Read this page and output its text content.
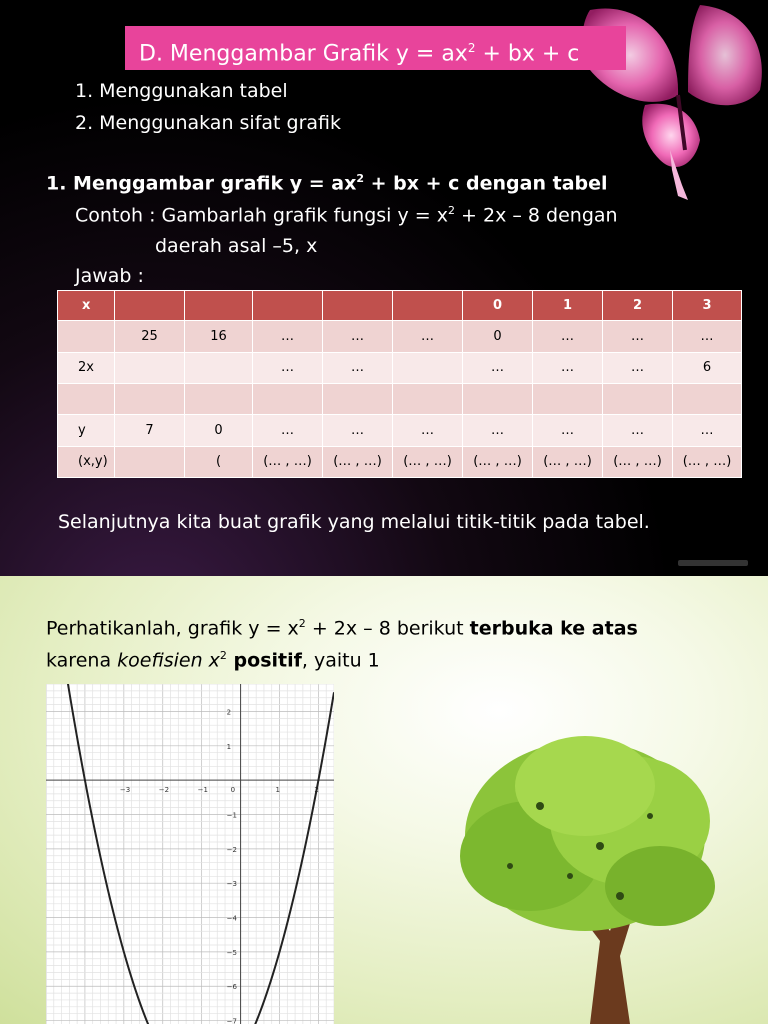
D. Menggambar Grafik $y = ax^2$ + bx + c
1. Menggunakan tabel
2. Menggunakan sifat grafik
1. Menggambar grafik $y = ax^2$ + bx + c dengan tabel
Contoh : Gambarlah grafik fungsi $y = x^2 + 2x - 8$ dengan
daerah asal –5, x
Jawab :
x						0	1	2	3
	25	16	…	…	…	0	…	…	…
2x			…	…		…	…	…	6

y	7	0	…	…	…	…	…	…	…
(x,y)		(	(… , …)	(… , …)	(… , …)	(… , …)	(… , …)	(… , …)	(… , …)
Selanjutnya kita buat grafik yang melalui titik-titik pada tabel.
Perhatikanlah, grafik $y = x^2 + 2x - 8$ berikut terbuka ke atas
karena koefisien $x^2$ positif, yaitu 1
−3	−2	−1	0	1	2
2
1
−1
−2
−3
−4
−5
−6
−7
